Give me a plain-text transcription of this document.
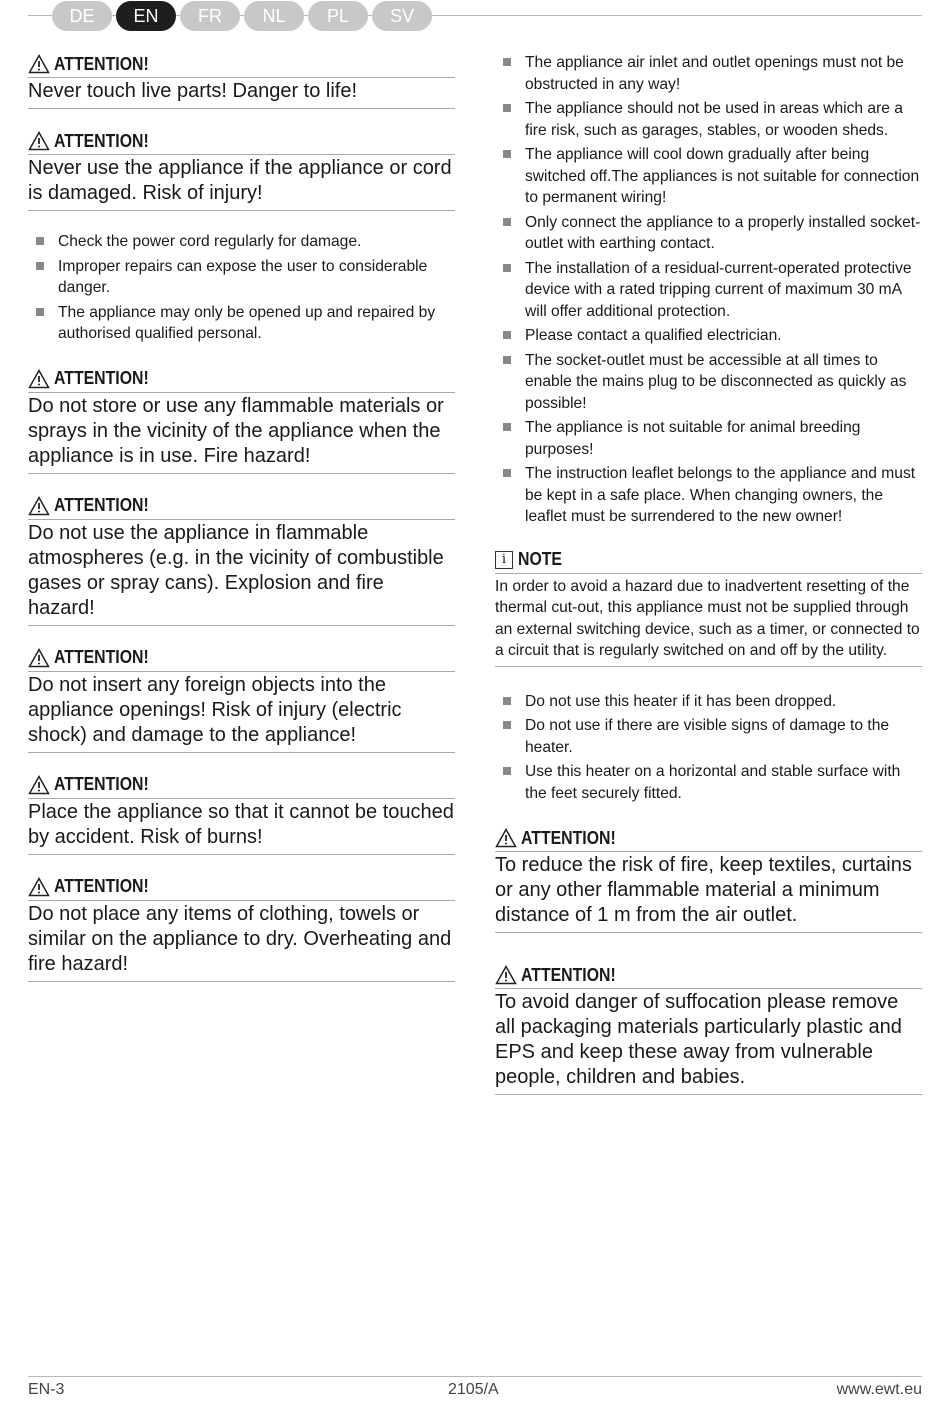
DE	EN	FR	NL	PL	SV
ATTENTION!
Never touch live parts! Danger to life!
ATTENTION!
Never use the appliance if the appliance or cord is damaged. Risk of injury!
Check the power cord regularly for damage.
Improper repairs can expose the user to considerable danger.
The appliance may only be opened up and repaired by authorised qualified personal.
ATTENTION!
Do not store or use any flammable materials or sprays in the vicinity of the appliance when the appliance is in use. Fire hazard!
ATTENTION!
Do not use the appliance in flammable atmospheres (e.g. in the vicinity of combustible gases or spray cans). Explosion and fire hazard!
ATTENTION!
Do not insert any foreign objects into the appliance openings! Risk of injury (electric shock) and damage to the appliance!
ATTENTION!
Place the appliance so that it cannot be touched by accident. Risk of burns!
ATTENTION!
Do not place any items of clothing, towels or similar on the appliance to dry. Overheating and fire hazard!
The appliance air inlet and outlet openings must not be obstructed in any way!
The appliance should not be used in areas which are a fire risk, such as garages, stables, or wooden sheds.
The appliance will cool down gradually after being switched off.The appliances is not suitable for connection to permanent wiring!
Only connect the appliance to a properly installed socket-outlet with earthing contact.
The installation of a residual-current-operated protective device with a rated tripping current of maximum 30 mA will offer additional protection.
Please contact a qualified electrician.
The socket-outlet must be accessible at all times to enable the mains plug to be disconnected as quickly as possible!
The appliance is not suitable for animal breeding purposes!
The instruction leaflet belongs to the appliance and must be kept in a safe place. When changing owners, the leaflet must be surrendered to the new owner!
i NOTE
In order to avoid a hazard due to inadvertent resetting of the thermal cut-out, this appliance must not be supplied through an external switching device, such as a timer, or connected to a circuit that is regularly switched on and off by the utility.
Do not use this heater if it has been dropped.
Do not use if there are visible signs of damage to the heater.
Use this heater on a horizontal and stable surface with the feet securely fitted.
ATTENTION!
To reduce the risk of fire, keep textiles, curtains or any other flammable material a minimum distance of 1 m from the air outlet.
ATTENTION!
To avoid danger of suffocation please remove all packaging materials particularly plastic and EPS and keep these away from vulnerable people, children and babies.
EN-3	2105/A	www.ewt.eu
